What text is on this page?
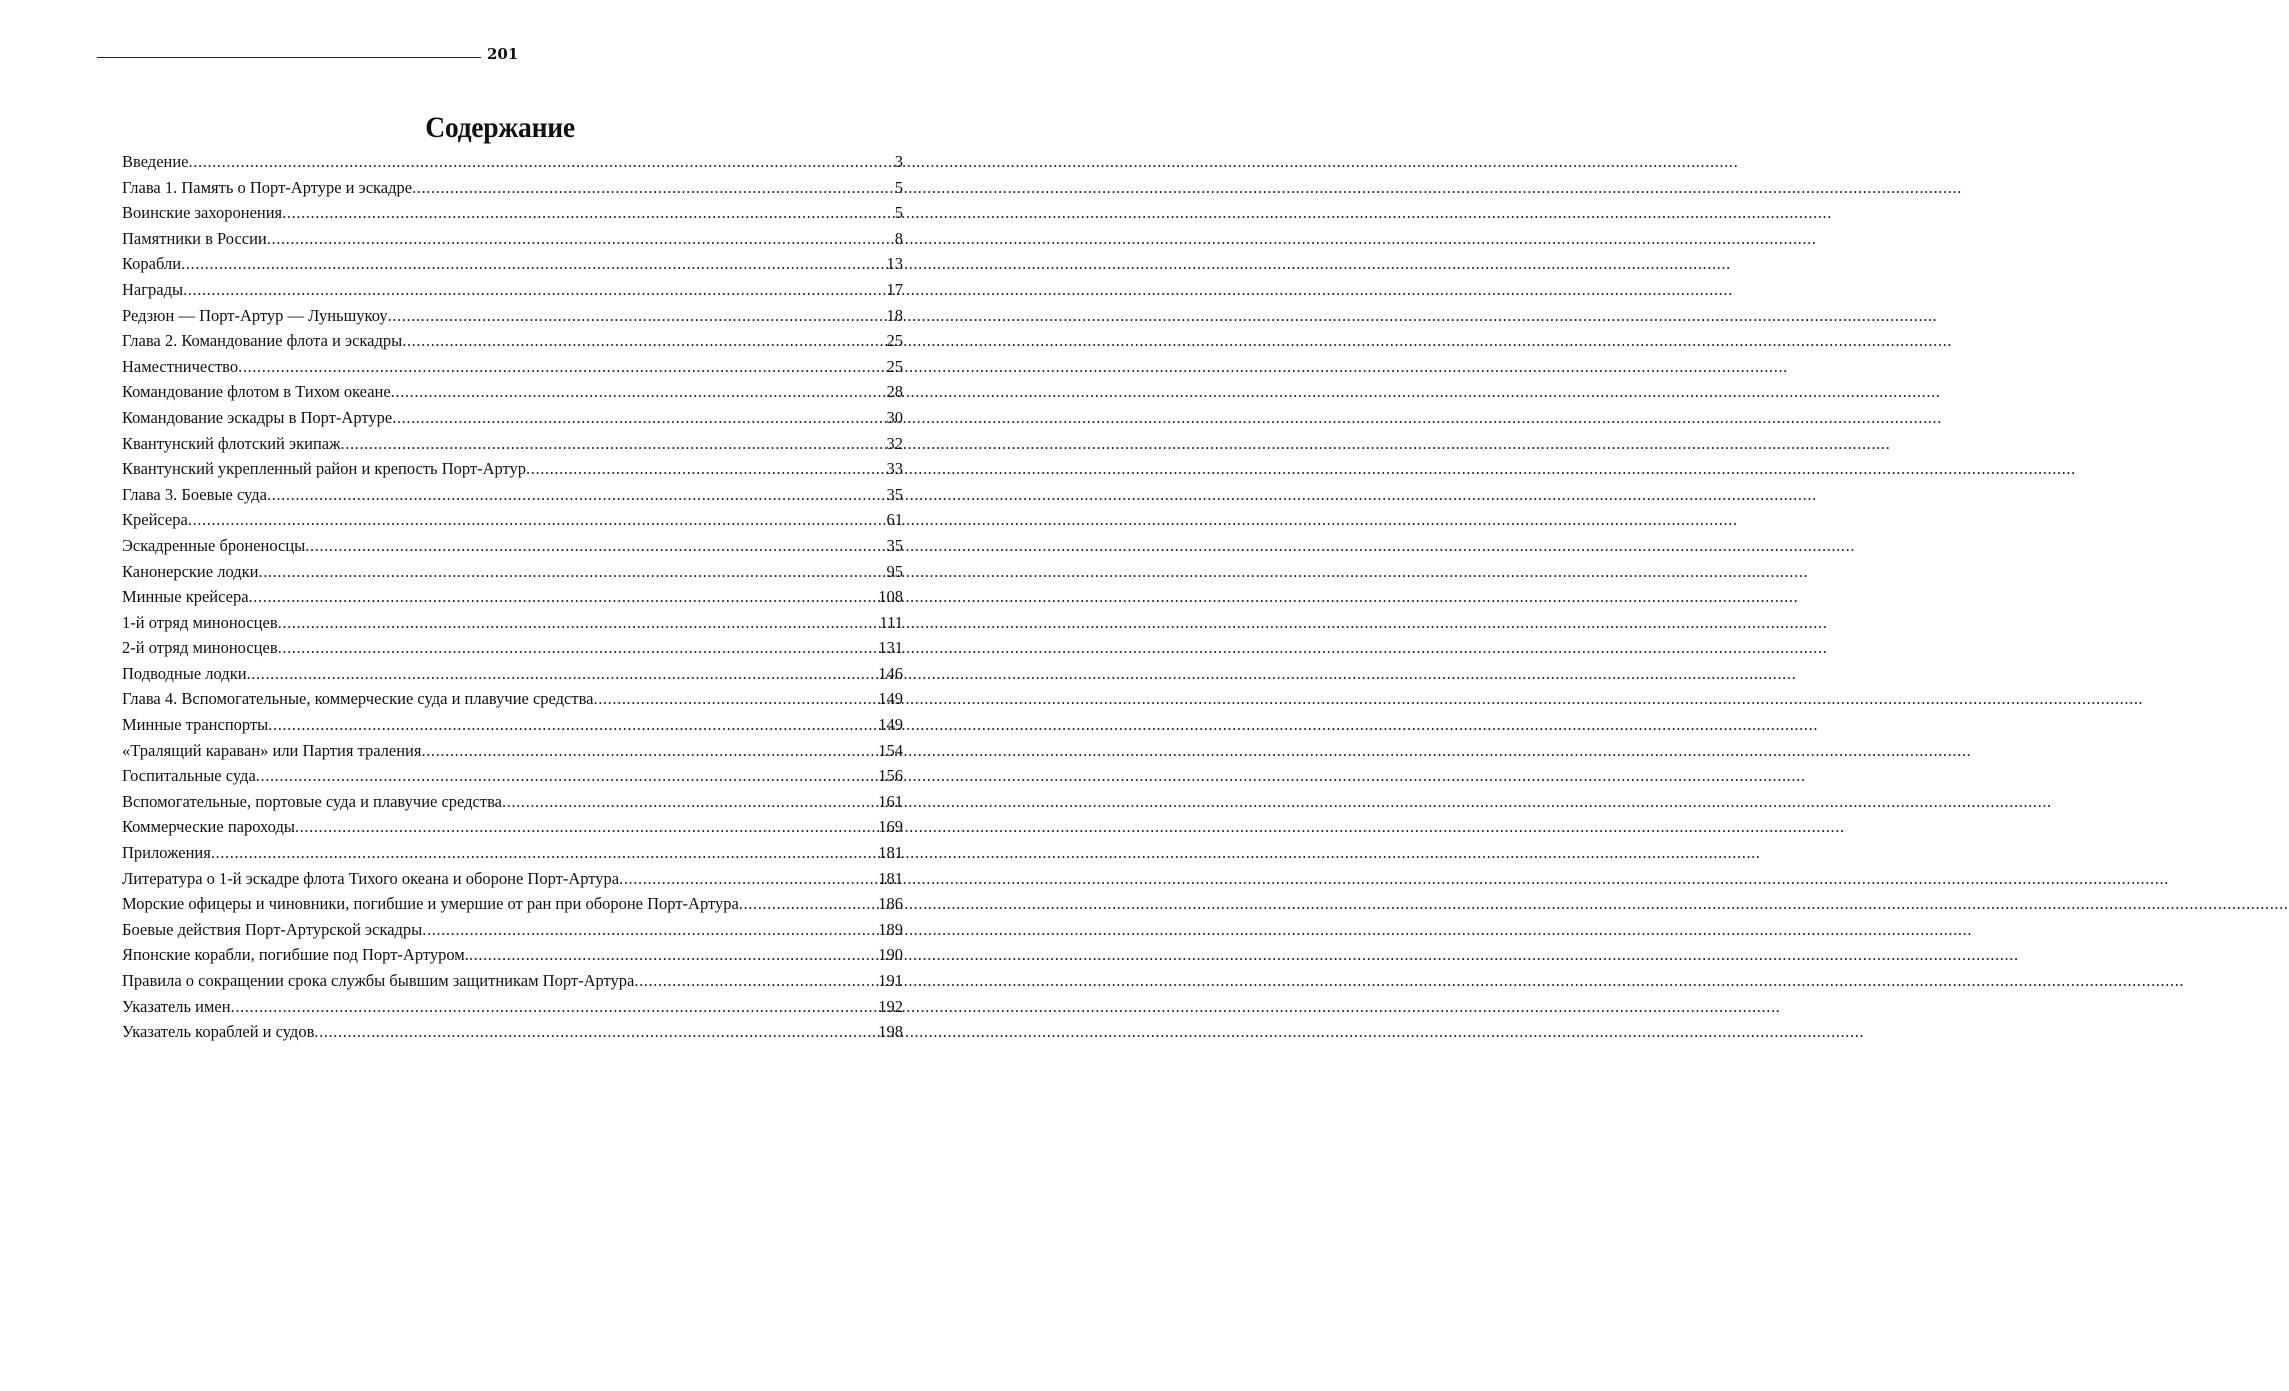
201
Содержание
Введение .....	3
Глава 1. Память о Порт-Артуре и эскадре .....	5
Воинские захоронения .....	5
Памятники в России .....	8
Корабли .....	13
Награды .....	17
Редзюн — Порт-Артур — Луньшукоу .....	18
Глава 2. Командование флота и эскадры .....	25
Наместничество .....	25
Командование флотом в Тихом океане .....	28
Командование эскадры в Порт-Артуре .....	30
Квантунский флотский экипаж .....	32
Квантунский укрепленный район и крепость Порт-Артур .....	33
Глава 3. Боевые суда .....	35
Крейсера .....	61
Эскадренные броненосцы .....	35
Канонерские лодки .....	95
Минные крейсера .....	108
1-й отряд миноносцев .....	111
2-й отряд миноносцев .....	131
Подводные лодки .....	146
Глава 4. Вспомогательные, коммерческие суда и плавучие средства .....	149
Минные транспорты .....	149
«Тралящий караван» или Партия траления .....	154
Госпитальные суда .....	156
Вспомогательные, портовые суда и плавучие средства .....	161
Коммерческие пароходы .....	169
Приложения .....	181
Литература о 1-й эскадре флота Тихого океана и обороне Порт-Артура .....	181
Морские офицеры и чиновники, погибшие и умершие от ран при обороне Порт-Артура .....	186
Боевые действия Порт-Артурской эскадры .....	189
Японские корабли, погибшие под Порт-Артуром. .....	190
Правила о сокращении срока службы бывшим защитникам Порт-Артура .....	191
Указатель имен .....	192
Указатель кораблей и судов .....	198
